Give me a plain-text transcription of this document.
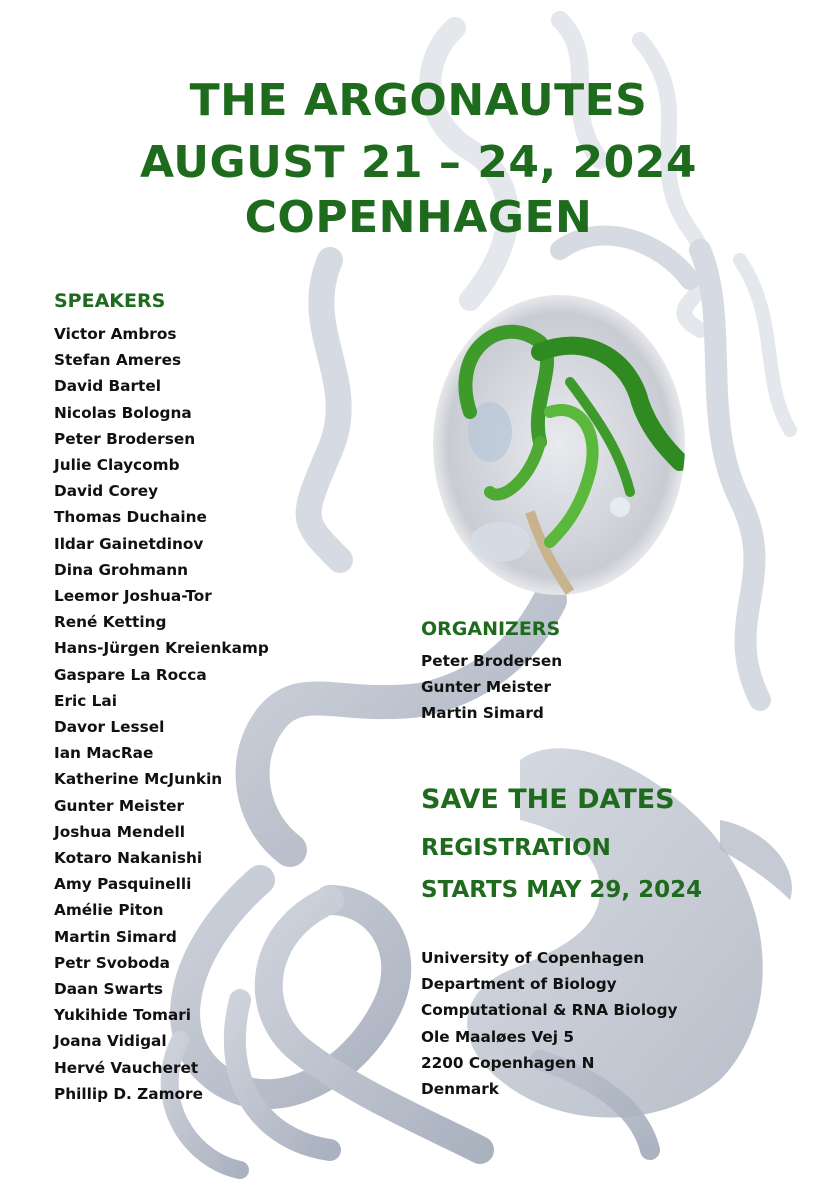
THE ARGONAUTES
AUGUST 21 – 24, 2024
COPENHAGEN
SPEAKERS
Victor Ambros
Stefan Ameres
David Bartel
Nicolas Bologna
Peter Brodersen
Julie Claycomb
David Corey
Thomas Duchaine
Ildar Gainetdinov
Dina Grohmann
Leemor Joshua-Tor
René Ketting
Hans-Jürgen Kreienkamp
Gaspare La Rocca
Eric Lai
Davor Lessel
Ian MacRae
Katherine McJunkin
Gunter Meister
Joshua Mendell
Kotaro Nakanishi
Amy Pasquinelli
Amélie Piton
Martin Simard
Petr Svoboda
Daan Swarts
Yukihide Tomari
Joana Vidigal
Hervé Vaucheret
Phillip D. Zamore
ORGANIZERS
Peter Brodersen
Gunter Meister
Martin Simard
SAVE THE DATES
REGISTRATION
STARTS MAY 29, 2024
University of Copenhagen
Department of Biology
Computational & RNA Biology
Ole Maaløes Vej 5
2200 Copenhagen N
Denmark
